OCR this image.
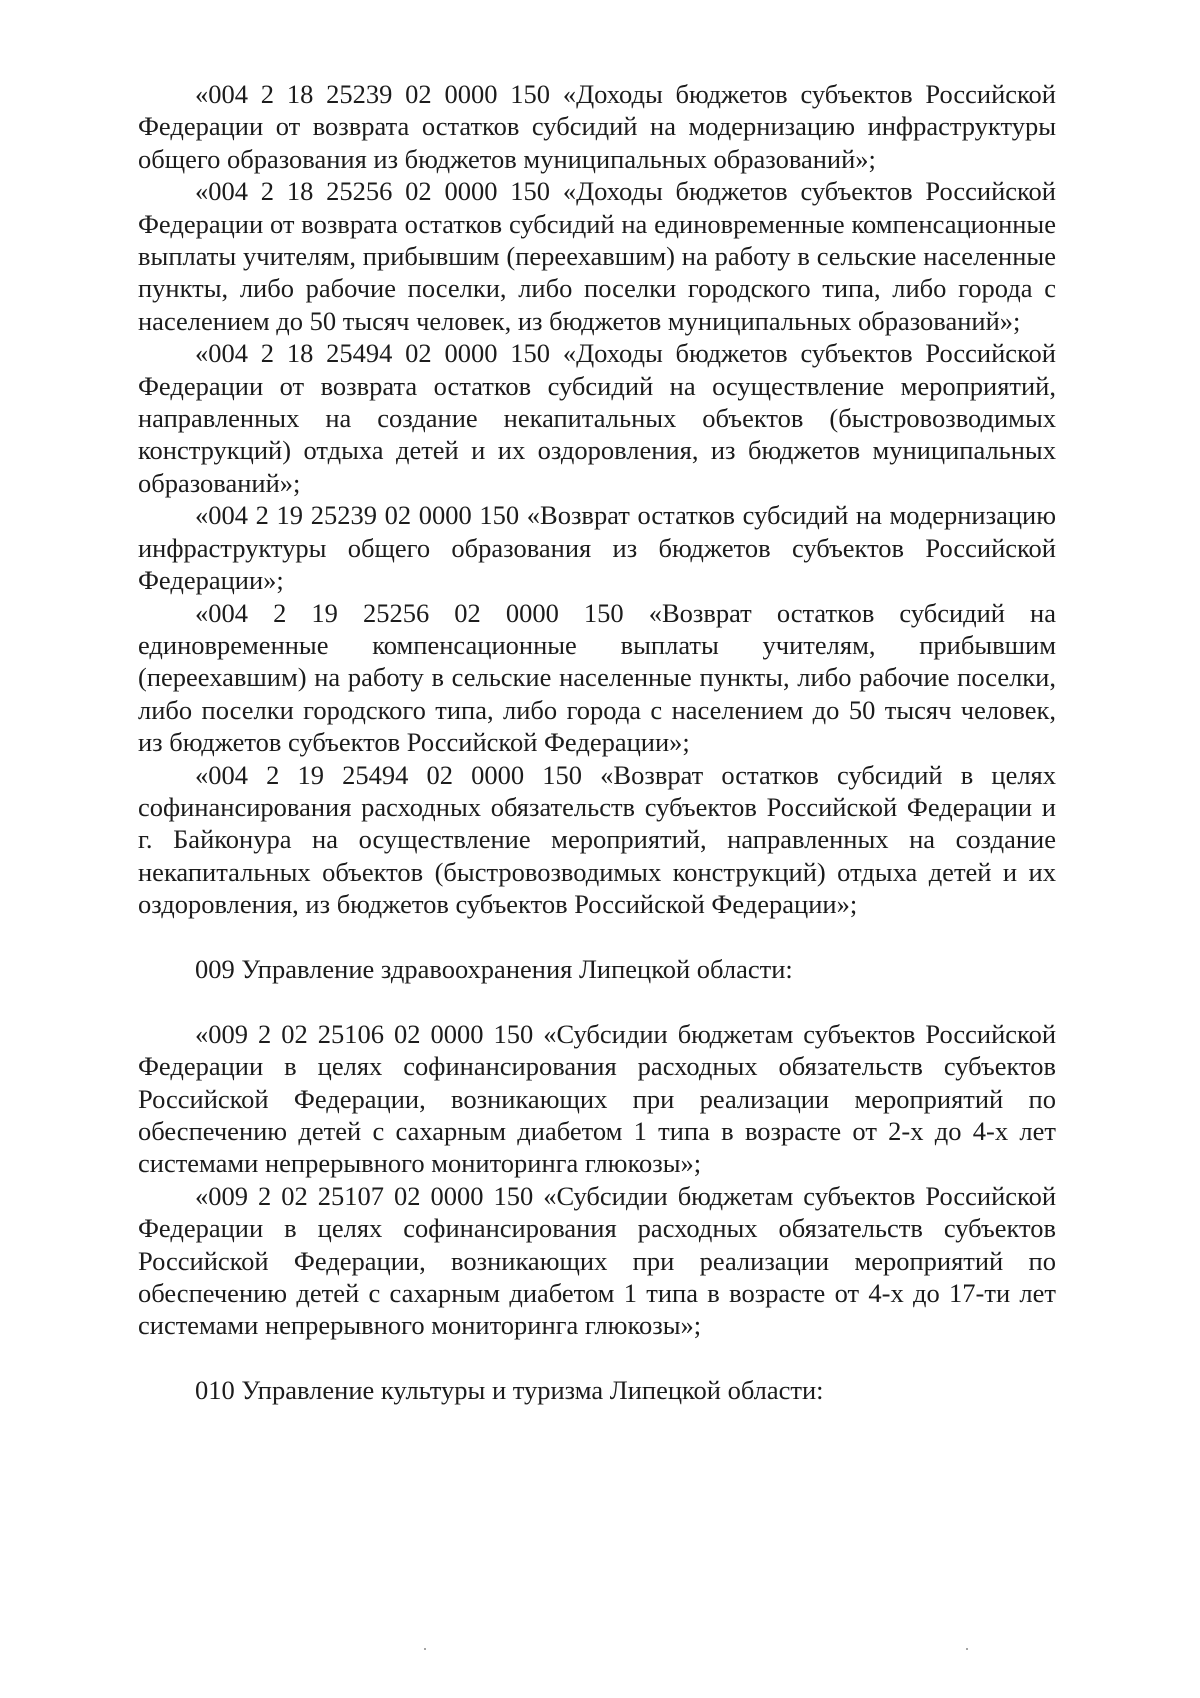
«004 2 18 25239 02 0000 150 «Доходы бюджетов субъектов Российской Федерации от возврата остатков субсидий на модернизацию инфраструктуры общего образования из бюджетов муниципальных образований»;

«004 2 18 25256 02 0000 150 «Доходы бюджетов субъектов Российской Федерации от возврата остатков субсидий на единовременные компенсационные выплаты учителям, прибывшим (переехавшим) на работу в сельские населенные пункты, либо рабочие поселки, либо поселки городского типа, либо города с населением до 50 тысяч человек, из бюджетов муниципальных образований»;

«004 2 18 25494 02 0000 150 «Доходы бюджетов субъектов Российской Федерации от возврата остатков субсидий на осуществление мероприятий, направленных на создание некапитальных объектов (быстровозводимых конструкций) отдыха детей и их оздоровления, из бюджетов муниципальных образований»;

«004 2 19 25239 02 0000 150 «Возврат остатков субсидий на модернизацию инфраструктуры общего образования из бюджетов субъектов Российской Федерации»;

«004 2 19 25256 02 0000 150 «Возврат остатков субсидий на единовременные компенсационные выплаты учителям, прибывшим (переехавшим) на работу в сельские населенные пункты, либо рабочие поселки, либо поселки городского типа, либо города с населением до 50 тысяч человек, из бюджетов субъектов Российской Федерации»;

«004 2 19 25494 02 0000 150 «Возврат остатков субсидий в целях софинансирования расходных обязательств субъектов Российской Федерации и г. Байконура на осуществление мероприятий, направленных на создание некапитальных объектов (быстровозводимых конструкций) отдыха детей и их оздоровления, из бюджетов субъектов Российской Федерации»;

009 Управление здравоохранения Липецкой области:

«009 2 02 25106 02 0000 150 «Субсидии бюджетам субъектов Российской Федерации в целях софинансирования расходных обязательств субъектов Российской Федерации, возникающих при реализации мероприятий по обеспечению детей с сахарным диабетом 1 типа в возрасте от 2-х до 4-х лет системами непрерывного мониторинга глюкозы»;

«009 2 02 25107 02 0000 150 «Субсидии бюджетам субъектов Российской Федерации в целях софинансирования расходных обязательств субъектов Российской Федерации, возникающих при реализации мероприятий по обеспечению детей с сахарным диабетом 1 типа в возрасте от 4-х до 17-ти лет системами непрерывного мониторинга глюкозы»;

010 Управление культуры и туризма Липецкой области:
